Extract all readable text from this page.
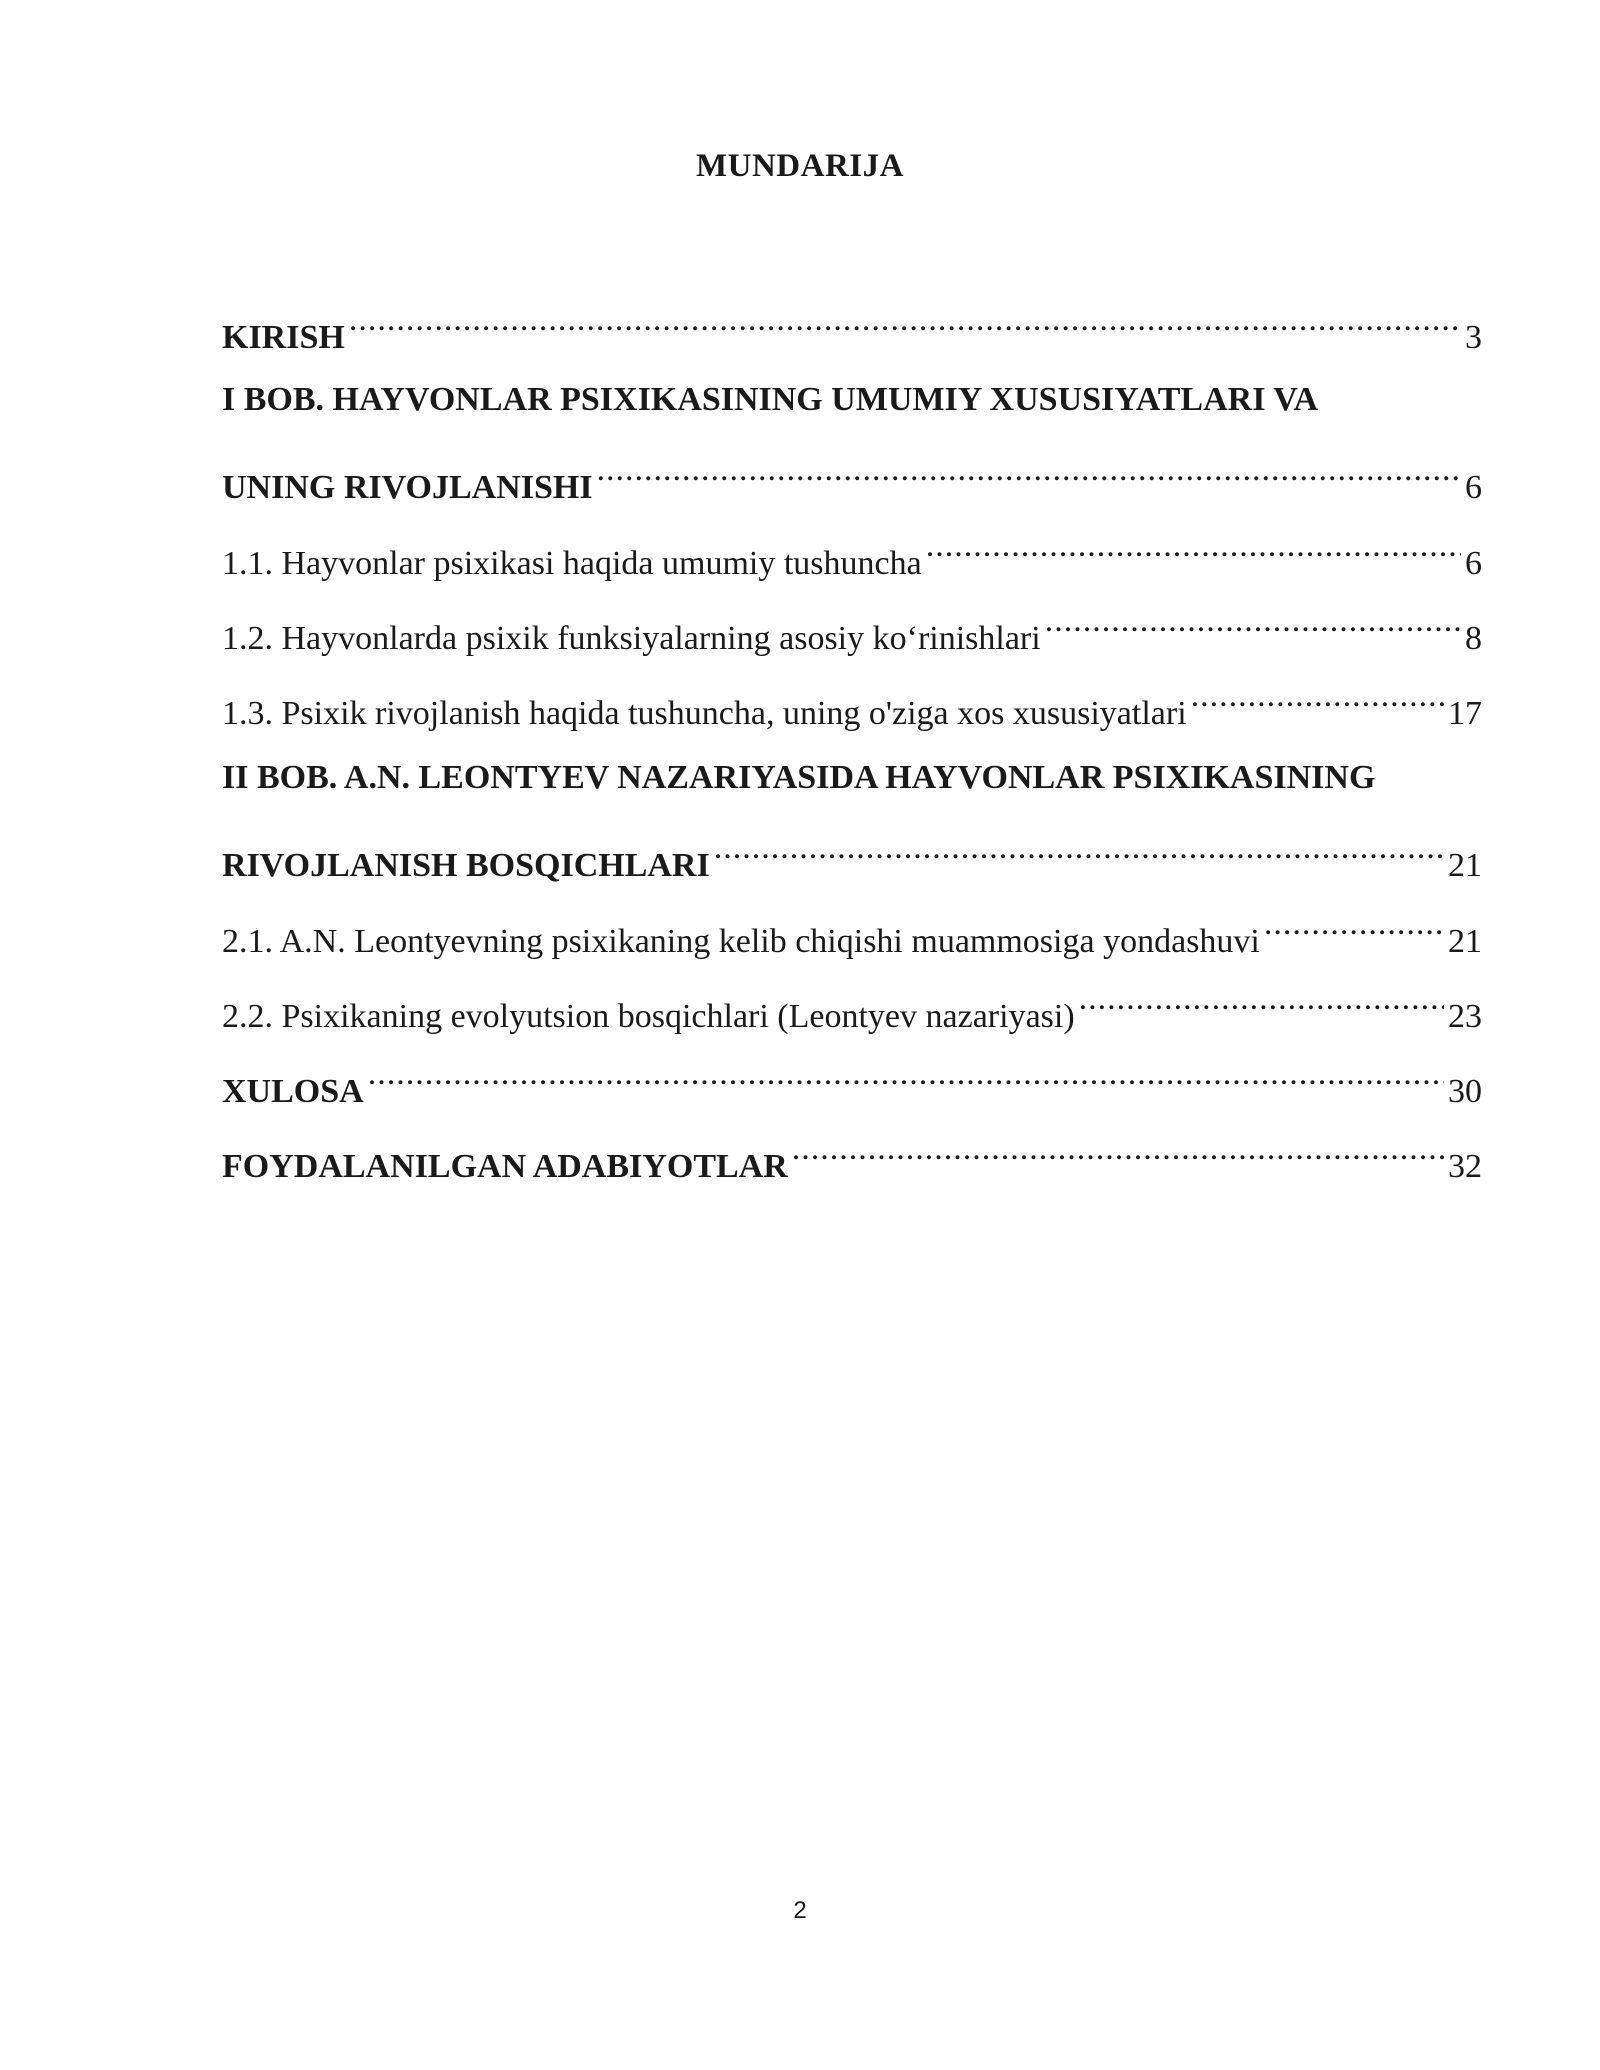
MUNDARIJA
KIRISH .....	3
I BOB. HAYVONLAR PSIXIKASINING UMUMIY XUSUSIYATLARI VA
UNING RIVOJLANISHI .....	6
1.1. Hayvonlar psixikasi haqida umumiy tushuncha .....	6
1.2. Hayvonlarda psixik funksiyalarning asosiy ko‘rinishlari .....	8
1.3. Psixik rivojlanish haqida tushuncha, uning o'ziga xos xususiyatlari .....	17
II BOB. A.N. LEONTYEV NAZARIYASIDA HAYVONLAR PSIXIKASINING
RIVOJLANISH BOSQICHLARI .....	21
2.1. A.N. Leontyevning psixikaning kelib chiqishi muammosiga yondashuvi .....	21
2.2. Psixikaning evolyutsion bosqichlari (Leontyev nazariyasi) .....	23
XULOSA .....	30
FOYDALANILGAN ADABIYOTLAR .....	32
2
